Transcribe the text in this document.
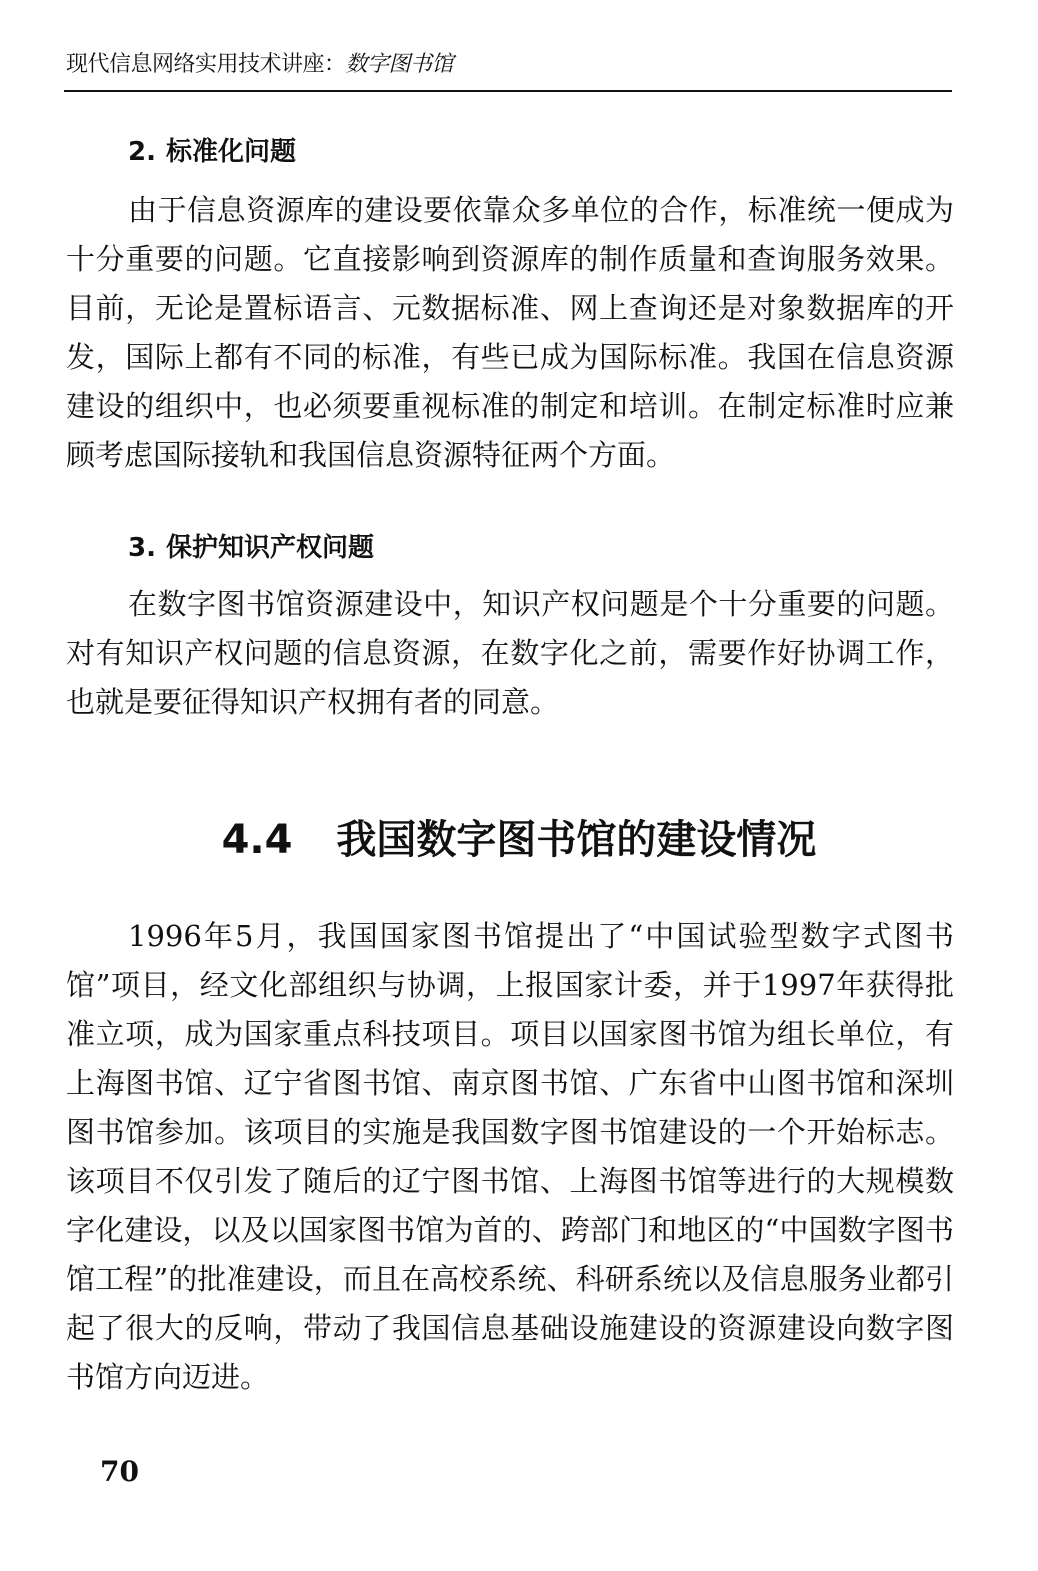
现代信息网络实用技术讲座：数字图书馆
2. 标准化问题

由于信息资源库的建设要依靠众多单位的合作，标准统一便成为十分重要的问题。它直接影响到资源库的制作质量和查询服务效果。目前，无论是置标语言、元数据标准、网上查询还是对象数据库的开发，国际上都有不同的标准，有些已成为国际标准。我国在信息资源建设的组织中，也必须要重视标准的制定和培训。在制定标准时应兼顾考虑国际接轨和我国信息资源特征两个方面。

3. 保护知识产权问题

在数字图书馆资源建设中，知识产权问题是个十分重要的问题。对有知识产权问题的信息资源，在数字化之前，需要作好协调工作，也就是要征得知识产权拥有者的同意。

4.4 我国数字图书馆的建设情况

1996年5月，我国国家图书馆提出了“中国试验型数字式图书馆”项目，经文化部组织与协调，上报国家计委，并于1997年获得批准立项，成为国家重点科技项目。项目以国家图书馆为组长单位，有上海图书馆、辽宁省图书馆、南京图书馆、广东省中山图书馆和深圳图书馆参加。该项目的实施是我国数字图书馆建设的一个开始标志。该项目不仅引发了随后的辽宁图书馆、上海图书馆等进行的大规模数字化建设，以及以国家图书馆为首的、跨部门和地区的“中国数字图书馆工程”的批准建设，而且在高校系统、科研系统以及信息服务业都引起了很大的反响，带动了我国信息基础设施建设的资源建设向数字图书馆方向迈进。

70
